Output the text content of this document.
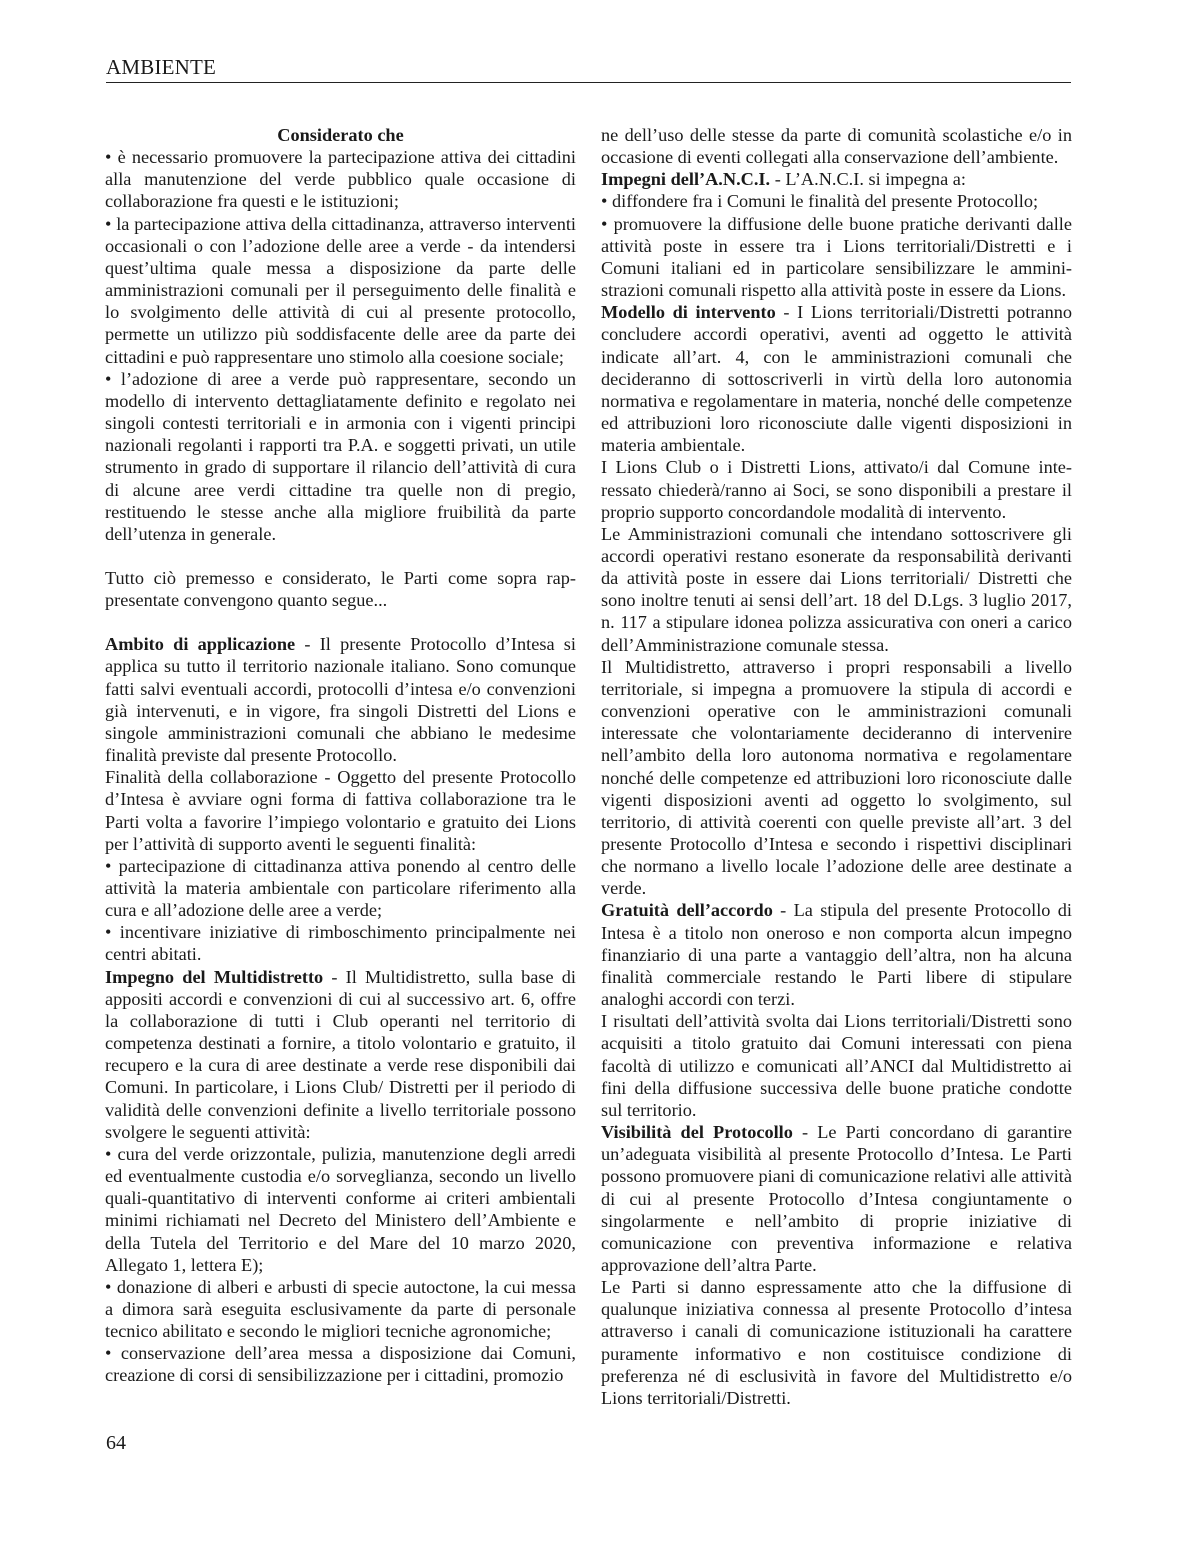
AMBIENTE

Considerato che

• è necessario promuovere la partecipazione attiva dei cittadini alla manutenzione del verde pubblico quale occasione di collaborazione fra questi e le istituzioni;

• la partecipazione attiva della cittadinanza, attraverso interventi occasionali o con l’adozione delle aree a verde - da intendersi quest’ultima quale messa a disposizione da parte delle amministrazioni comunali per il perseguimento delle finalità e lo svolgimento delle attività di cui al presente protocollo, permette un utilizzo più soddisfacente delle aree da parte dei cittadini e può rappresentare uno stimolo alla coesione sociale;

• l’adozione di aree a verde può rappresentare, secondo un modello di intervento dettagliatamente definito e regolato nei singoli contesti territoriali e in armonia con i vigenti principi nazionali regolanti i rapporti tra P.A. e soggetti privati, un utile strumento in grado di supportare il rilancio dell’attività di cura di alcune aree verdi cittadine tra quelle non di pregio, restituendo le stesse anche alla migliore fruibilità da parte dell’utenza in generale.

Tutto ciò premesso e considerato, le Parti come sopra rappresentate convengono quanto segue...

Ambito di applicazione - Il presente Protocollo d’Intesa si applica su tutto il territorio nazionale italiano. Sono comunque fatti salvi eventuali accordi, protocolli d’intesa e/o convenzioni già intervenuti, e in vigore, fra singoli Distretti del Lions e singole amministrazioni comunali che abbiano le medesime finalità previste dal presente Protocollo.

Finalità della collaborazione - Oggetto del presente Protocollo d’Intesa è avviare ogni forma di fattiva collaborazione tra le Parti volta a favorire l’impiego volontario e gratuito dei Lions per l’attività di supporto aventi le seguenti finalità:

• partecipazione di cittadinanza attiva ponendo al centro delle attività la materia ambientale con particolare riferimento alla cura e all’adozione delle aree a verde;

• incentivare iniziative di rimboschimento principalmente nei centri abitati.

Impegno del Multidistretto - Il Multidistretto, sulla base di appositi accordi e convenzioni di cui al successivo art. 6, offre la collaborazione di tutti i Club operanti nel territorio di competenza destinati a fornire, a titolo volontario e gratuito, il recupero e la cura di aree destinate a verde rese disponibili dai Comuni. In particolare, i Lions Club/ Distretti per il periodo di validità delle convenzioni definite a livello territoriale possono svolgere le seguenti attività:

• cura del verde orizzontale, pulizia, manutenzione degli arredi ed eventualmente custodia e/o sorveglianza, secondo un livello quali-quantitativo di interventi conforme ai criteri ambientali minimi richiamati nel Decreto del Ministero dell’Ambiente e della Tutela del Territorio e del Mare del 10 marzo 2020, Allegato 1, lettera E);

• donazione di alberi e arbusti di specie autoctone, la cui messa a dimora sarà eseguita esclusivamente da parte di personale tecnico abilitato e secondo le migliori tecniche agronomiche;

• conservazione dell’area messa a disposizione dai Comuni, creazione di corsi di sensibilizzazione per i cittadini, promozio

ne dell’uso delle stesse da parte di comunità scolastiche e/o in occasione di eventi collegati alla conservazione dell’ambiente.

Impegni dell’A.N.C.I. - L’A.N.C.I. si impegna a:

• diffondere fra i Comuni le finalità del presente Protocollo;

• promuovere la diffusione delle buone pratiche derivanti dalle attività poste in essere tra i Lions territoriali/Distretti e i Comuni italiani ed in particolare sensibilizzare le amministrazioni comunali rispetto alla attività poste in essere da Lions.

Modello di intervento - I Lions territoriali/Distretti potranno concludere accordi operativi, aventi ad oggetto le attività indicate all’art. 4, con le amministrazioni comunali che decideranno di sottoscriverli in virtù della loro autonomia normativa e regolamentare in materia, nonché delle competenze ed attribuzioni loro riconosciute dalle vigenti disposizioni in materia ambientale.

I Lions Club o i Distretti Lions, attivato/i dal Comune interessato chiederà/ranno ai Soci, se sono disponibili a prestare il proprio supporto concordandole modalità di intervento.

Le Amministrazioni comunali che intendano sottoscrivere gli accordi operativi restano esonerate da responsabilità derivanti da attività poste in essere dai Lions territoriali/ Distretti che sono inoltre tenuti ai sensi dell’art. 18 del D.Lgs. 3 luglio 2017, n. 117 a stipulare idonea polizza assicurativa con oneri a carico dell’Amministrazione comunale stessa.

Il Multidistretto, attraverso i propri responsabili a livello territoriale, si impegna a promuovere la stipula di accordi e convenzioni operative con le amministrazioni comunali interessate che volontariamente decideranno di intervenire nell’ambito della loro autonoma normativa e regolamentare nonché delle competenze ed attribuzioni loro riconosciute dalle vigenti disposizioni aventi ad oggetto lo svolgimento, sul territorio, di attività coerenti con quelle previste all’art. 3 del presente Protocollo d’Intesa e secondo i rispettivi disciplinari che normano a livello locale l’adozione delle aree destinate a verde.

Gratuità dell’accordo - La stipula del presente Protocollo di Intesa è a titolo non oneroso e non comporta alcun impegno finanziario di una parte a vantaggio dell’altra, non ha alcuna finalità commerciale restando le Parti libere di stipulare analoghi accordi con terzi.

I risultati dell’attività svolta dai Lions territoriali/Distretti sono acquisiti a titolo gratuito dai Comuni interessati con piena facoltà di utilizzo e comunicati all’ANCI dal Multidistretto ai fini della diffusione successiva delle buone pratiche condotte sul territorio.

Visibilità del Protocollo - Le Parti concordano di garantire un’adeguata visibilità al presente Protocollo d’Intesa. Le Parti possono promuovere piani di comunicazione relativi alle attività di cui al presente Protocollo d’Intesa congiuntamente o singolarmente e nell’ambito di proprie iniziative di comunicazione con preventiva informazione e relativa approvazione dell’altra Parte.

Le Parti si danno espressamente atto che la diffusione di qualunque iniziativa connessa al presente Protocollo d’intesa attraverso i canali di comunicazione istituzionali ha carattere puramente informativo e non costituisce condizione di preferenza né di esclusività in favore del Multidistretto e/o Lions territoriali/Distretti.

64
